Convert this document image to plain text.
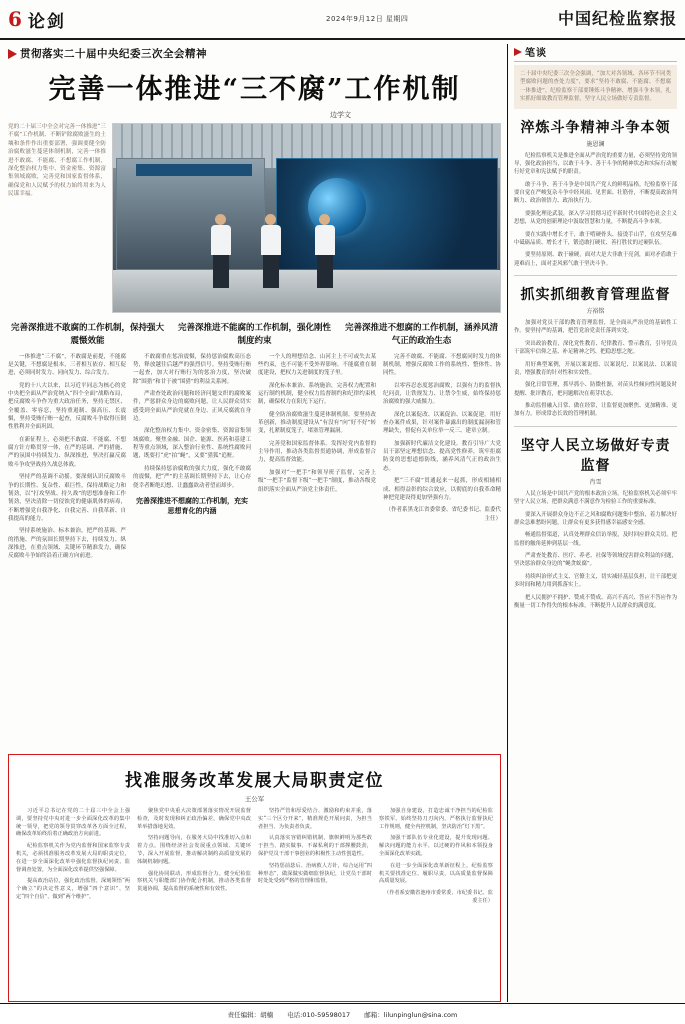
6 论剑	2024年9月12日 星期四	中国纪检监察报
贯彻落实二十届中央纪委三次全会精神
完善一体推进“三不腐”工作机制
边学文
党的二十届三中全会对完善一体推进“三不腐”工作机制、不断铲除腐败滋生的土壤和条件作出重要部署，强调要健全防治腐败滋生蔓延体制机制，完善一体推进不敢腐、不能腐、不想腐工作机制，深化整治权力集中、资金密集、资源富集领域腐败，完善党和国家监督体系，确保党和人民赋予的权力始终用来为人民谋幸福。
完善深推进不敢腐的工作机制，保持强大震慑效能
完善深推进不能腐的工作机制，强化刚性制度约束
完善深推进不想腐的工作机制，涵养风清气正的政治生态

一体推进“三不腐”，不敢腐是前提，不能腐是关键，不想腐是根本，三者相互依存、相互促进，必须同时发力、同向发力、综合发力。

党的十八大以来，以习近平同志为核心的党中央把全面从严治党纳入“四个全面”战略布局，把反腐败斗争作为重大政治任务，坚持无禁区、全覆盖、零容忍，坚持重遏制、强高压、长震慑，坚持受贿行贿一起查，反腐败斗争取得压倒性胜利并全面巩固。

在新征程上，必须把不敢腐、不能腐、不想腐方针方略贯穿一体，在严的基调、严的措施、严的氛围中持续发力、纵深推进，坚决打赢反腐败斗争攻坚战持久战总体战。

坚持严的基调不动摇。要深刻认识反腐败斗争的长期性、复杂性、艰巨性，保持战略定力和韧劲，以“打攻坚战、持久战”的思想准备和工作韧劲，坚决清除一切侵蚀党的健康肌体的病毒，不断增强党自我净化、自我完善、自我革新、自我提高的能力。

坚持系统施治、标本兼治，把严的基调、严的措施、严的氛围长期坚持下去，持续发力、纵深推进，在重点领域、关键环节精准发力，确保反腐败斗争始终沿着正确方向前进。

不敢腐重在惩治震慑，保持惩治腐败高压态势，释放越往后越严的强烈信号。坚持受贿行贿一起查，加大对行贿行为的惩治力度，坚决破除“围猎”和甘于被“围猎”的利益关系网。

严肃查处政治问题和经济问题交织的腐败案件，严惩群众身边的腐败问题，让人民群众切实感受到全面从严治党就在身边、正风反腐就在身边。

深化整治权力集中、资金密集、资源富集领域腐败。聚焦金融、国企、能源、医药和基建工程等重点领域，深入整治行业性、系统性腐败问题，既要打“虎”拍“蝇”，又要“猎狐”追赃。

持续保持惩治腐败的强大力度，强化不敢腐的震慑，把“严”的主基调长期坚持下去，让心存侥幸者断绝幻想、让蠢蠢欲动者望而却步。

完善深推进不想腐的工作机制，充实思想育化的内涵

一个人的理想信念、山河主上不可或失去某些约束，也不可能不受外界影响。不能腐重在制度建设，把权力关进制度的笼子里。

深化标本兼治、系统施治，完善权力配置和运行制约机制，健全权力监督制约和纪律约束机制，确保权力在阳光下运行。

健全防治腐败滋生蔓延体制机制。要坚持改革创新，推动制度建设从“有没有”向“好不好”转变，扎紧制度笼子，堵塞管理漏洞。

完善党和国家监督体系。发挥好党内监督的主导作用，推动各类监督贯通协调，形成监督合力，提高监督效能。

加强对“一把手”和领导班子监督，完善上级“一把手”监督下级“一把手”制度，推动各级党组织落实全面从严治党主体责任。

完善不敢腐、不能腐、不想腐同时发力的体制机制，增强反腐败工作的系统性、整体性、协同性。

以零容忍态度惩治腐败，以强有力的监督执纪问责，让铁规发力、让禁令生威，始终保持惩治腐败的强大威慑力。

深化以案促改、以案促治、以案促建。用好查办案件成果，针对案件暴露出的制度漏洞和管理缺失，督促有关单位举一反三、建章立制。

加强新时代廉洁文化建设。教育引导广大党员干部坚定理想信念、提高党性修养，筑牢拒腐防变的思想道德防线，涵养风清气正的政治生态。

把“三不腐”贯通起来一起抓，形成相辅相成、相得益彰的综合效应，以彻底的自我革命精神把党建设得更加坚强有力。

（作者系黑龙江省委常委、省纪委书记、监委代主任）

找准服务改革发展大局职责定位
王公军

习近平总书记在党的二十届三中全会上强调，要坚持党中央对进一步全面深化改革的集中统一领导，把党的领导贯穿改革各方面全过程，确保改革始终沿着正确政治方向前进。

纪检监察机关作为党内监督和国家监察专责机关，必须找准服务改革发展大局的职责定位，在进一步全面深化改革中强化监督执纪问责、监督调查处置，为全面深化改革提供坚强保障。

提高政治站位，强化政治监督。深刻领悟“两个确立”的决定性意义，增强“四个意识”、坚定“四个自信”、做到“两个维护”。

聚焦党中央重大决策部署落实情况开展监督检查，及时发现和纠正政治偏差，确保党中央改革举措落地见效。

坚持问题导向，在服务大局中找准切入点和着力点。围绕经济社会发展重点领域、关键环节，深入开展监督，推动解决制约高质量发展的体制机制问题。

强化协同联动，形成监督合力。健全纪检监察机关与职能部门协作配合机制，推动各类监督贯通协调，提高监督的系统性和有效性。

坚持严管和厚爱结合、激励和约束并重，落实“三个区分开来”，精准规范开展问责，为担当者担当、为负责者负责。

认真落实容错纠错机制，旗帜鲜明为那些敢于担当、踏实做事、不谋私利的干部撑腰鼓劲，保护党员干部干事创业的积极性主动性创造性。

坚持惩前毖后、治病救人方针，综合运用“四种形态”，做深做实做细监督执纪，让党员干部时时处处受到严格的管理和监督。

加强自身建设，打造忠诚干净担当的纪检监察铁军。始终坚持刀刃向内，严格执行监督执纪工作规则，健全内控机制，坚决防治“灯下黑”。

加强干部队伍专业化建设，提升发现问题、解决问题的能力水平，以过硬的作风和本领投身全面深化改革实践。

在进一步全面深化改革新征程上，纪检监察机关要找准定位、履职尽责，以高质量监督保障高质量发展。

（作者系安徽省池州市委常委、市纪委书记、监委主任）

笔谈
二十届中央纪委三次全会强调，“加大对各领域、各环节不同类型腐败问题的查处力度”，要求“坚持不敢腐、不能腐、不想腐一体推进”。纪检监察干部要锤炼斗争精神、增强斗争本领，扎实抓好细致教育管理监督，坚守人民立场做好专责监督。
淬炼斗争精神斗争本领
施恩澜

纪检监察机关是推进全面从严治党的重要力量，必须坚持党的领导，强化政治担当，以敢于斗争、善于斗争的精神状态和实际行动履行好党章和宪法赋予的职责。

敢于斗争、善于斗争是中国共产党人的鲜明品格。纪检监察干部要自觉在严峻复杂斗争中经风雨、见世面、壮筋骨，不断提高政治判断力、政治领悟力、政治执行力。

要强化理论武装，深入学习贯彻习近平新时代中国特色社会主义思想，从党的创新理论中汲取智慧和力量，不断提高斗争本领。

要在实践中增长才干，敢于啃硬骨头、接烫手山芋，在攻坚克难中砥砺品质、增长才干，锻造敢打硬仗、善打胜仗的过硬队伍。

要坚持原则、敢于碰硬，面对大是大非敢于亮剑，面对矛盾敢于迎难而上，面对歪风邪气敢于坚决斗争。

抓实抓细教育管理监督
方裕铭

加强对党员干部的教育管理监督，是全面从严治党的基础性工作。要坚持严的基调，把管党治党责任落到实处。

突出政治教育，深化党性教育、纪律教育、警示教育，引导党员干部筑牢信仰之基、补足精神之钙、把稳思想之舵。

用好典型案例，开展以案说德、以案说纪、以案说法、以案说责，增强教育的针对性和实效性。

强化日常管理，抓早抓小、防微杜渐，对苗头性倾向性问题及时提醒、批评教育，把问题解决在萌芽状态。

推动监督融入日常、做在经常，让监督更加聚焦、更加精准、更加有力，形成常态长效的管理机制。

坚守人民立场做好专责监督
肖雪

人民立场是中国共产党的根本政治立场。纪检监察机关必须牢牢坚守人民立场，把群众满意不满意作为检验工作的重要标准。

要深入开展群众身边不正之风和腐败问题集中整治，着力解决好群众急难愁盼问题，让群众有更多获得感幸福感安全感。

畅通监督渠道，认真处理群众信访举报，及时回应群众关切，把监督的触角延伸到基层一线。

严肃查处教育、医疗、养老、社保等领域侵害群众利益的问题，坚决惩治群众身边的“蝇贪蚁腐”。

持续纠治形式主义、官僚主义，切实减轻基层负担，让干部把更多时间和精力用到抓落实上。

把人民拥护不拥护、赞成不赞成、高兴不高兴、答应不答应作为衡量一切工作得失的根本标准，不断提升人民群众的满意度。

责任编辑：胡楠 电话:010-59598017 邮箱：lilunpinglun@sina.com
